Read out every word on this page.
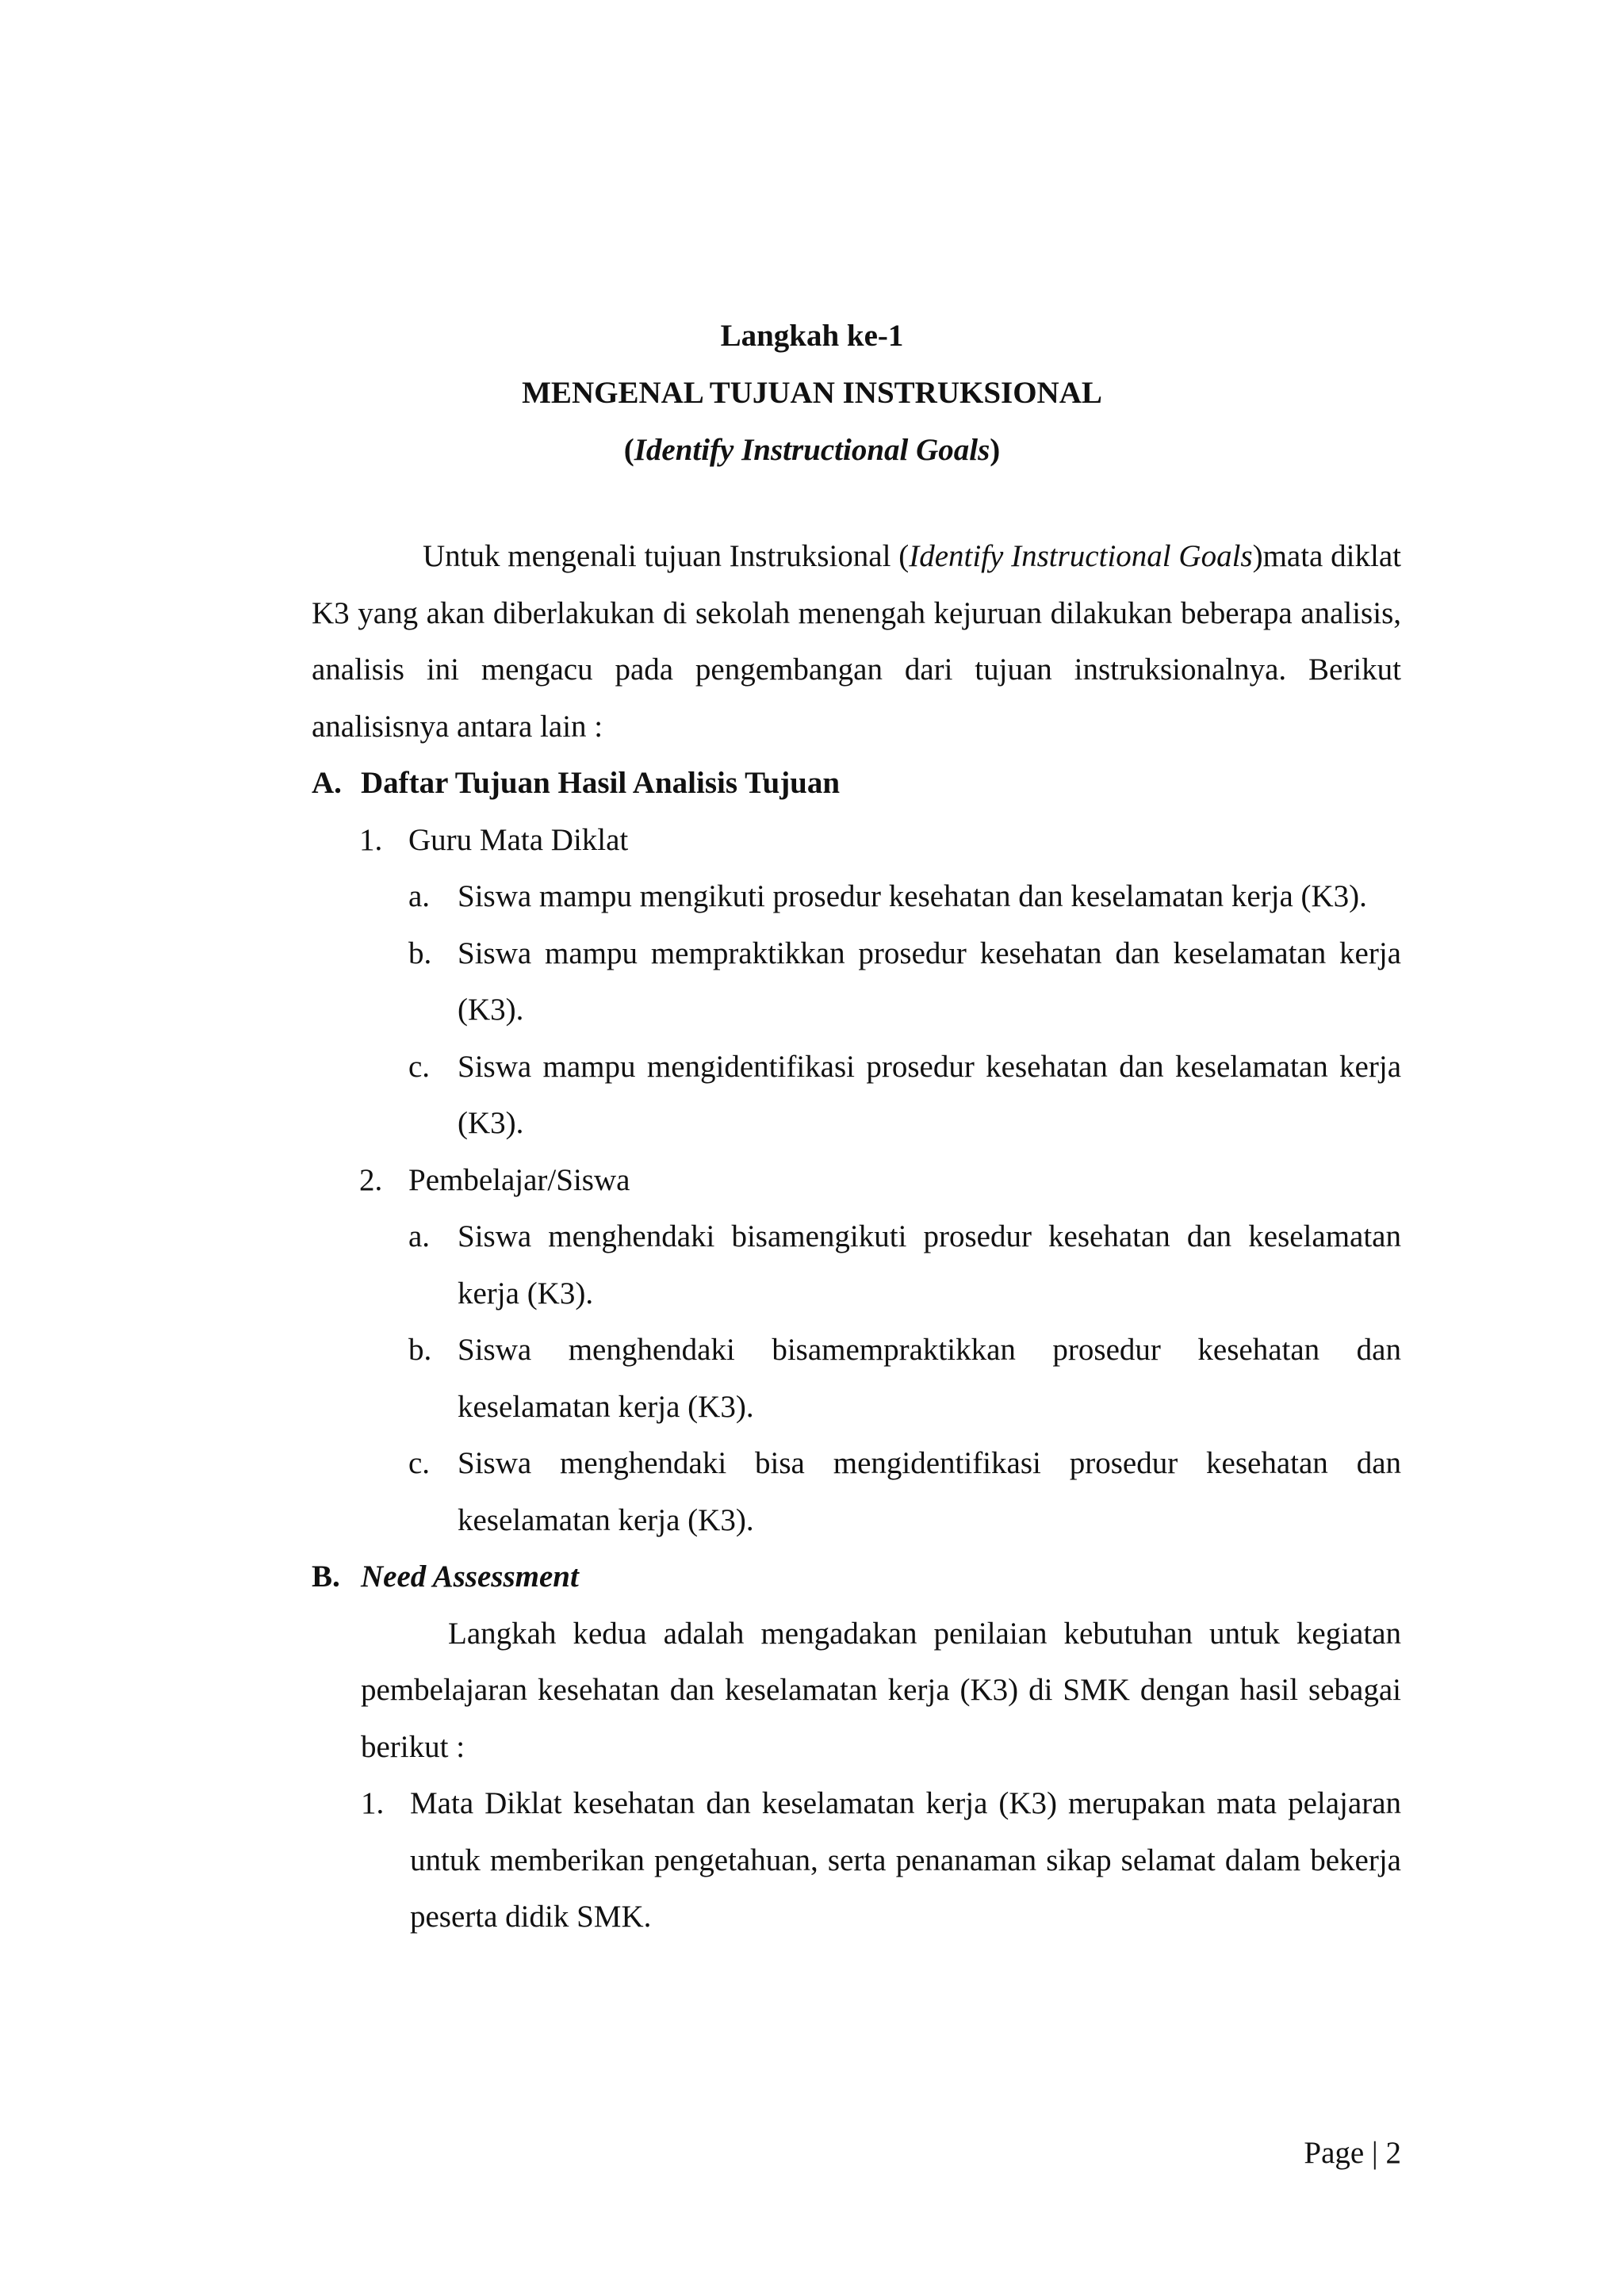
Langkah ke-1
MENGENAL TUJUAN INSTRUKSIONAL
(Identify Instructional Goals)

Untuk mengenali tujuan Instruksional (Identify Instructional Goals)mata diklat K3 yang akan diberlakukan di sekolah menengah kejuruan dilakukan beberapa analisis, analisis ini mengacu pada pengembangan dari tujuan instruksionalnya. Berikut analisisnya antara lain :

A. Daftar Tujuan Hasil Analisis Tujuan
1. Guru Mata Diklat
a. Siswa mampu mengikuti prosedur kesehatan dan keselamatan kerja (K3).
b. Siswa mampu mempraktikkan prosedur kesehatan dan keselamatan kerja (K3).
c. Siswa mampu mengidentifikasi prosedur kesehatan dan keselamatan kerja (K3).
2. Pembelajar/Siswa
a. Siswa menghendaki bisamengikuti prosedur kesehatan dan keselamatan kerja (K3).
b. Siswa menghendaki bisamempraktikkan prosedur kesehatan dan keselamatan kerja (K3).
c. Siswa menghendaki bisa mengidentifikasi prosedur kesehatan dan keselamatan kerja (K3).
B. Need Assessment

Langkah kedua adalah mengadakan penilaian kebutuhan untuk kegiatan pembelajaran kesehatan dan keselamatan kerja (K3) di SMK dengan hasil sebagai berikut :

1. Mata Diklat kesehatan dan keselamatan kerja (K3) merupakan mata pelajaran untuk memberikan pengetahuan, serta penanaman sikap selamat dalam bekerja peserta didik SMK.
Page | 2
